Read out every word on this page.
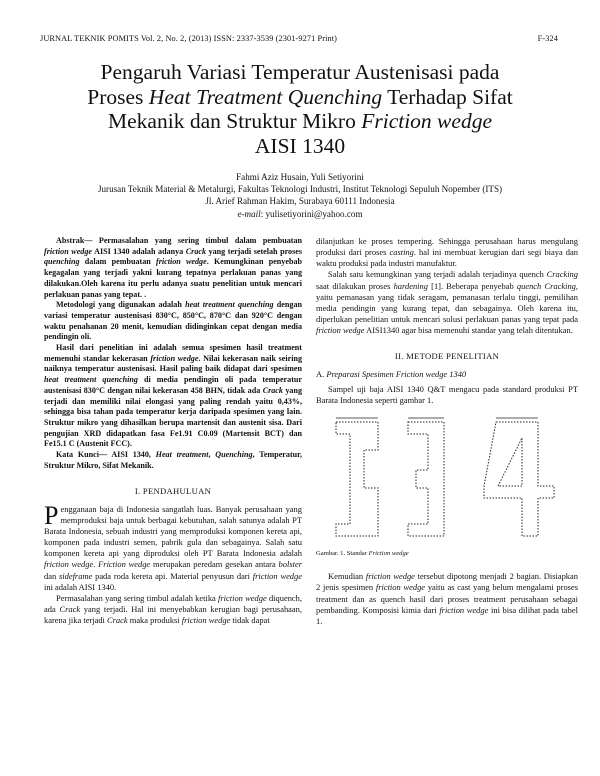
JURNAL TEKNIK POMITS Vol. 2, No. 2, (2013) ISSN: 2337-3539 (2301-9271 Print)	F-324
Pengaruh Variasi Temperatur Austenisasi pada
Proses Heat Treatment Quenching Terhadap Sifat
Mekanik dan Struktur Mikro Friction wedge
AISI 1340
Fahmi Aziz Husain, Yuli Setiyorini
Jurusan Teknik Material & Metalurgi, Fakultas Teknologi Industri, Institut Teknologi Sepuluh Nopember (ITS)
Jl. Arief Rahman Hakim, Surabaya 60111 Indonesia
e-mail: yulisetiyorini@yahoo.com

Abstrak— Permasalahan yang sering timbul dalam pembuatan friction wedge AISI 1340 adalah adanya Crack yang terjadi setelah proses quenching dalam pembuatan friction wedge. Kemungkinan penyebab kegagalan yang terjadi yakni kurang tepatnya perlakuan panas yang dilakukan.Oleh karena itu perlu adanya suatu penelitian untuk mencari perlakuan panas yang tepat. .

Metodologi yang digunakan adalah heat treatment quenching dengan variasi temperatur austenisasi 830°C, 850°C, 870°C dan 920°C dengan waktu penahanan 20 menit, kemudian didinginkan cepat dengan media pendingin oli.

Hasil dari penelitian ini adalah semua spesimen hasil treatment memenuhi standar kekerasan friction wedge. Nilai kekerasan naik seiring naiknya temperatur austenisasi. Hasil paling baik didapat dari spesimen heat treatment quenching di media pendingin oli pada temperatur austenisasi 830°C dengan nilai kekerasan 458 BHN, tidak ada Crack yang terjadi dan memiliki nilai elongasi yang paling rendah yaitu 0,43%, sehingga bisa tahan pada temperatur kerja daripada spesimen yang lain. Struktur mikro yang dihasilkan berupa martensit dan austenit sisa. Dari pengujian XRD didapatkan fasa Fe1.91 C0.09 (Martensit BCT) dan Fe15.1 C (Austenit FCC).

Kata Kunci— AISI 1340, Heat treatment, Quenching, Temperatur, Struktur Mikro, Sifat Mekanik.

I. PENDAHULUAN

Pengganaan baja di Indonesia sangatlah luas. Banyak perusahaan yang memproduksi baja untuk berbagai kebutuhan, salah satunya adalah PT Barata Indonesia, sebuah industri yang memproduksi komponen kereta api, komponen pada industri semen, pabrik gula dan sebagainya. Salah satu komponen kereta api yang diproduksi oleh PT Barata Indonesia adalah friction wedge. Friction wedge merupakan peredam gesekan antara bolster dan sideframe pada roda kereta api. Material penyusun dari friction wedge ini adalah AISI 1340.

Permasalahan yang sering timbul adalah ketika friction wedge diquench, ada Crack yang terjadi. Hal ini menyebabkan kerugian bagi perusahaan, karena jika terjadi Crack maka produksi friction wedge tidak dapat

dilanjutkan ke proses tempering. Sehingga perusahaan harus mengulang produksi dari proses casting. hal ini membuat kerugian dari segi biaya dan waktu produksi pada industri manufaktur.

Salah satu kemungkinan yang terjadi adalah terjadinya quench Cracking saat dilakukan proses hardening [1]. Beberapa penyebab quench Cracking, yaitu pemanasan yang tidak seragam, pemanasan terlalu tinggi, pemilihan media pendingin yang kurang tepat, dan sebagainya. Oleh karena itu, diperlukan penelitian untuk mencari solusi perlakuan panas yang tepat pada friction wedge AISI1340 agar bisa memenuhi standar yang telah ditentukan.

II. METODE PENELITIAN
A. Preparasi Spesimen Friction wedge 1340

Sampel uji baja AISI 1340 Q&T mengacu pada standard produksi PT Barata Indonesia seperti gambar 1.

Gambar. 1. Standar Friction wedge

Kemudian friction wedge tersebut dipotong menjadi 2 bagian. Disiapkan 2 jenis spesimen friction wedge yaitu as cast yang belum mengalami proses treatment dan as quench hasil dari proses treatment perusahaan sebagai pembanding. Komposisi kimia dari friction wedge ini bisa dilihat pada tabel 1.
